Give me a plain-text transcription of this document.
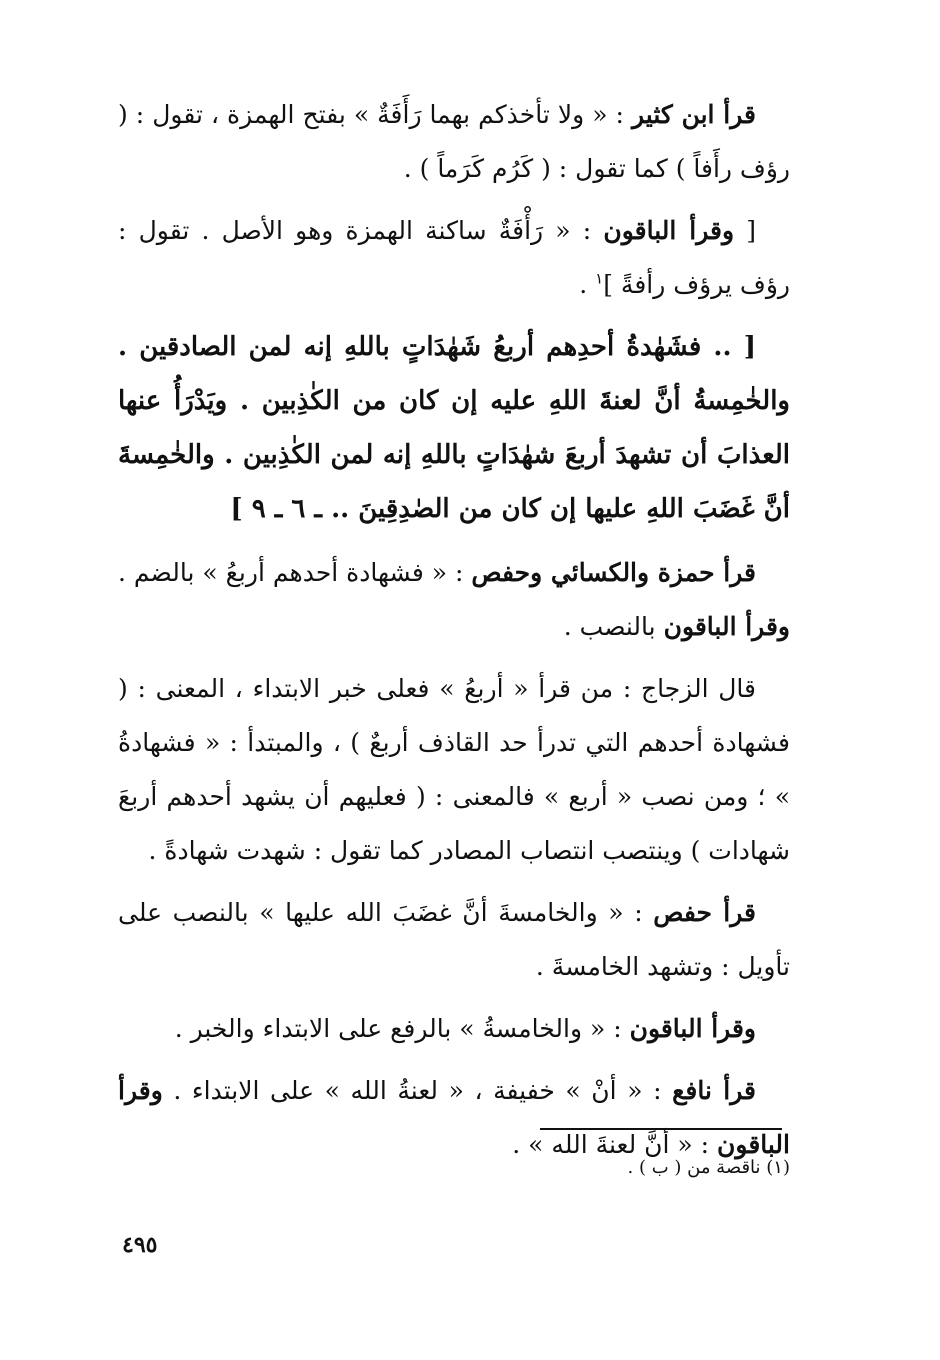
قرأ ابن كثير : « ولا تأخذكم بهما رَأَفَةٌ » بفتح الهمزة ، تقول : ( رؤف رأَفاً ) كما تقول : ( كَرُم كَرَماً ) .

[ وقرأ الباقون : « رَأْفَةٌ ساكنة الهمزة وهو الأصل . تقول : رؤف يرؤف رأفةً ]$^١$ .

[ .. فشَهٰدةُ أحدِهم أربعُ شَهٰدَاتٍ باللهِ إنه لمن الصادقين . والخٰمِسةُ أنَّ لعنةَ اللهِ عليه إن كان من الكٰذِبين . ويَدْرَأُ عنها العذابَ أن تشهدَ أربعَ شهٰدَاتٍ باللهِ إنه لمن الكٰذِبين . والخٰمِسةَ أنَّ غَضَبَ اللهِ عليها إن كان من الصٰدِقِينَ .. ـ ٦ ـ ٩ ]

قرأ حمزة والكسائي وحفص : « فشهادة أحدهم أربعُ » بالضم . وقرأ الباقون بالنصب .

قال الزجاج : من قرأ « أربعُ » فعلى خبر الابتداء ، المعنى : ( فشهادة أحدهم التي تدرأ حد القاذف أربعٌ ) ، والمبتدأ : « فشهادةُ » ؛ ومن نصب « أربع » فالمعنى : ( فعليهم أن يشهد أحدهم أربعَ شهادات ) وينتصب انتصاب المصادر كما تقول : شهدت شهادةً .

قرأ حفص : « والخامسةَ أنَّ غضَبَ الله عليها » بالنصب على تأويل : وتشهد الخامسةَ .

وقرأ الباقون : « والخامسةُ » بالرفع على الابتداء والخبر .

قرأ نافع : « أنْ » خفيفة ، « لعنةُ الله » على الابتداء . وقرأ الباقون : « أنَّ لعنةَ الله » .

(١) ناقصة من ( ب ) .
٤٩٥
